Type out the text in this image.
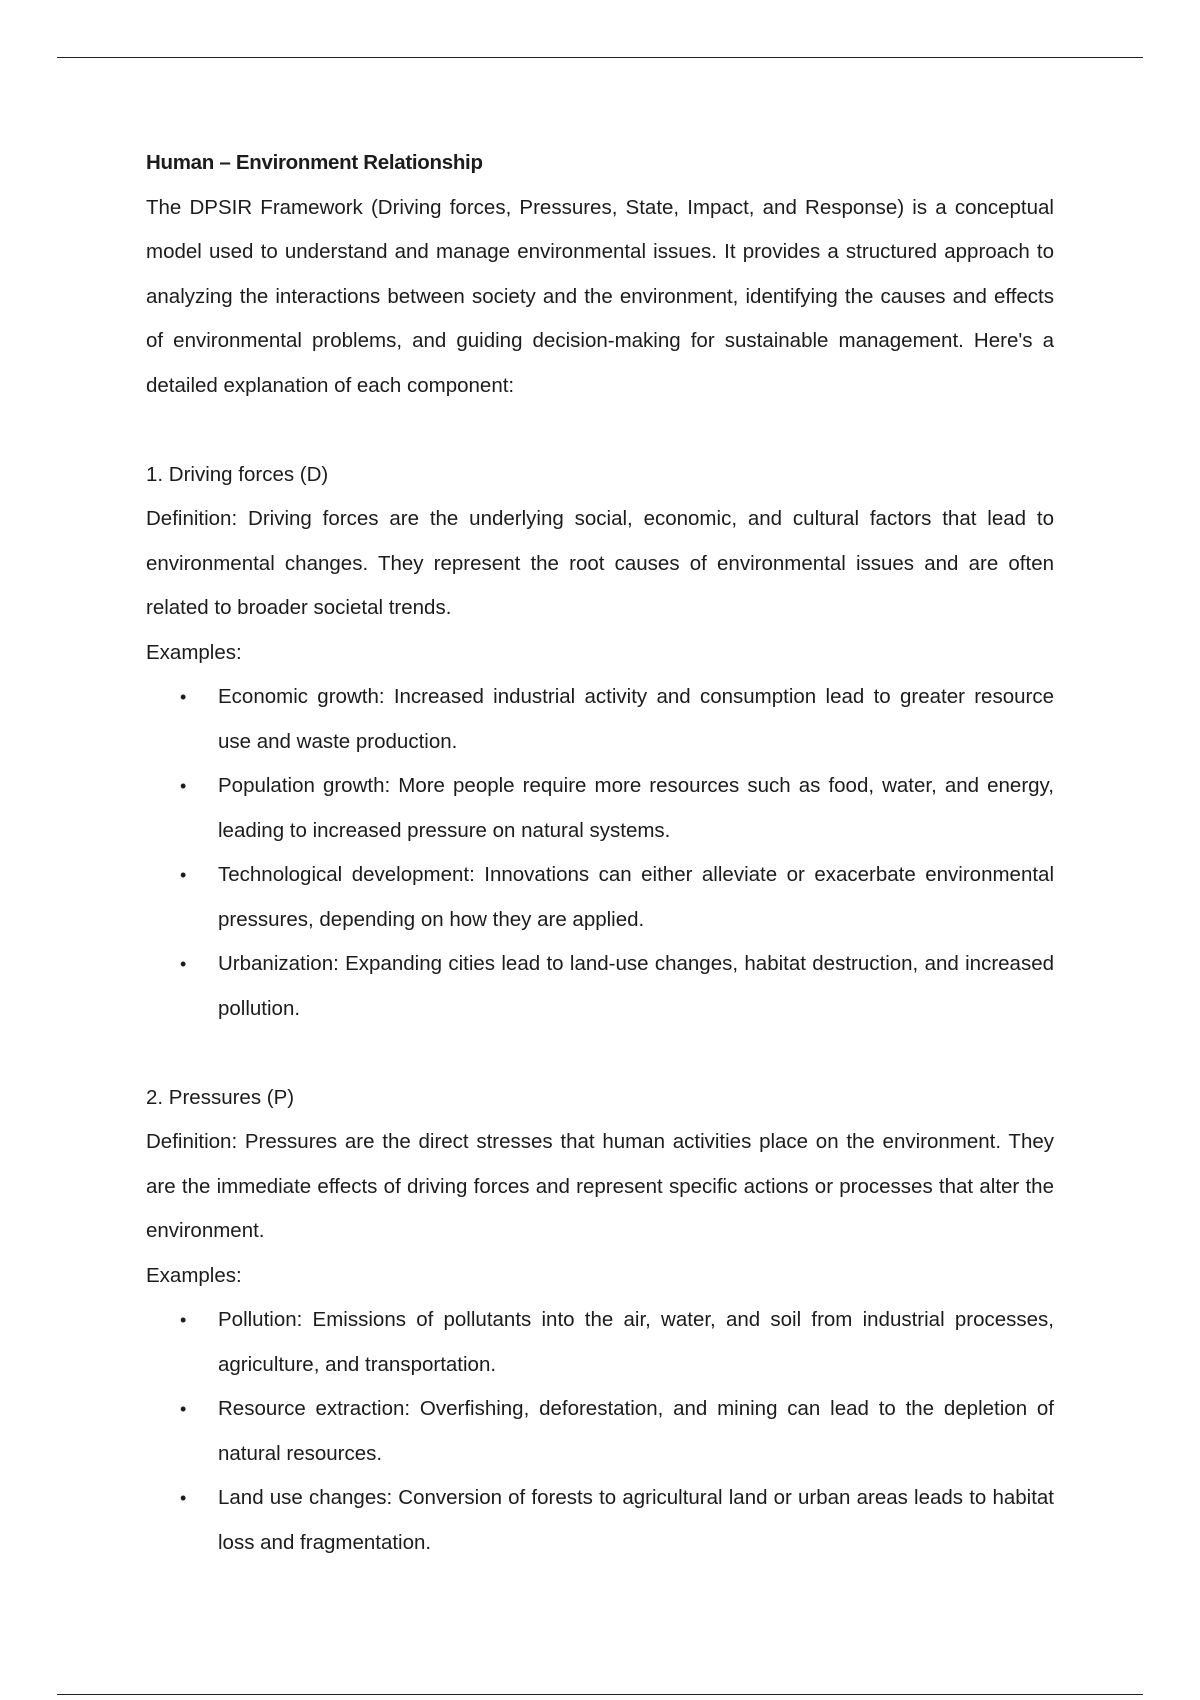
Human – Environment Relationship

The DPSIR Framework (Driving forces, Pressures, State, Impact, and Response) is a conceptual model used to understand and manage environmental issues. It provides a structured approach to analyzing the interactions between society and the environment, identifying the causes and effects of environmental problems, and guiding decision-making for sustainable management. Here's a detailed explanation of each component:

1. Driving forces (D)

Definition: Driving forces are the underlying social, economic, and cultural factors that lead to environmental changes. They represent the root causes of environmental issues and are often related to broader societal trends.

Examples:

• Economic growth: Increased industrial activity and consumption lead to greater resource use and waste production.
• Population growth: More people require more resources such as food, water, and energy, leading to increased pressure on natural systems.
• Technological development: Innovations can either alleviate or exacerbate environmental pressures, depending on how they are applied.
• Urbanization: Expanding cities lead to land-use changes, habitat destruction, and increased pollution.

2. Pressures (P)

Definition: Pressures are the direct stresses that human activities place on the environment. They are the immediate effects of driving forces and represent specific actions or processes that alter the environment.

Examples:

• Pollution: Emissions of pollutants into the air, water, and soil from industrial processes, agriculture, and transportation.
• Resource extraction: Overfishing, deforestation, and mining can lead to the depletion of natural resources.
• Land use changes: Conversion of forests to agricultural land or urban areas leads to habitat loss and fragmentation.
